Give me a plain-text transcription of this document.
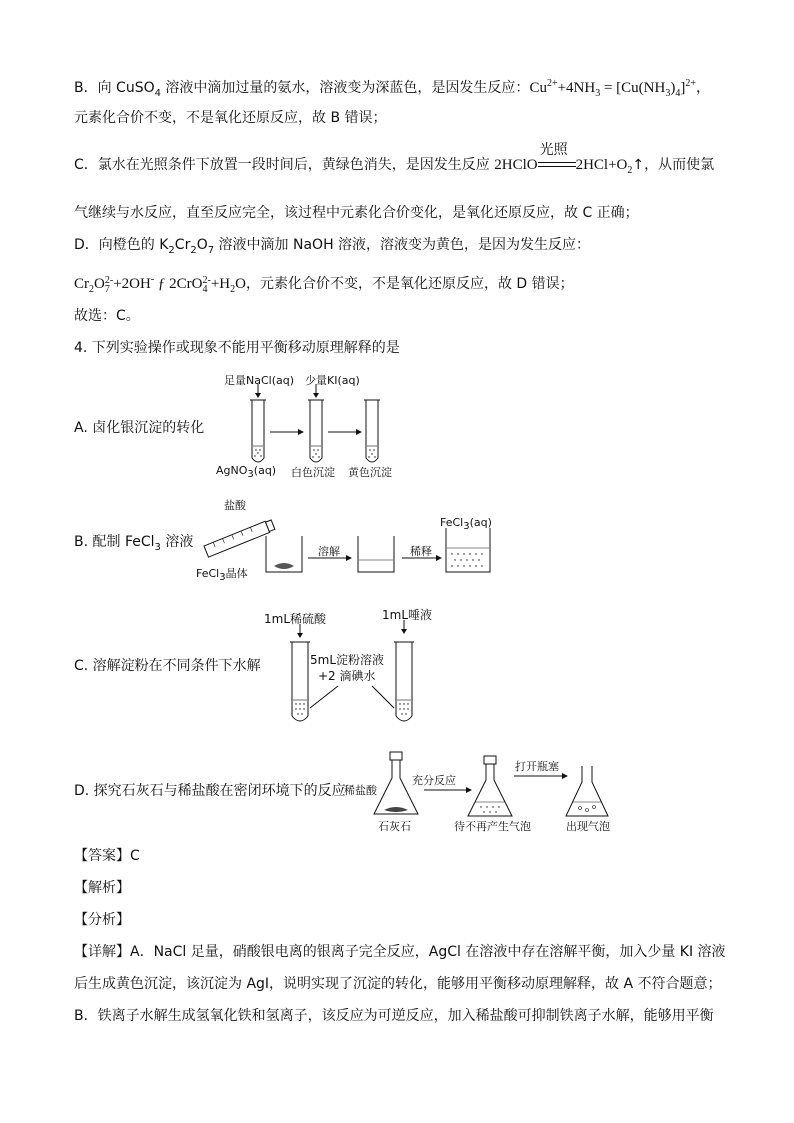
B．向 CuSO$_4$ 溶液中滴加过量的氨水，溶液变为深蓝色，是因发生反应：$Cu^{2+}+4NH_3 = [Cu(NH_3)_4]^{2+}$，
元素化合价不变，不是氧化还原反应，故 B 错误；
C．氯水在光照条件下放置一段时间后，黄绿色消失，是因发生反应 2HClO
光照
$2HCl+O_2↑$，从而使氯
气继续与水反应，直至反应完全，该过程中元素化合价变化，是氧化还原反应，故 C 正确；
D．向橙色的 $K_2Cr_2O_7$ 溶液中滴加 NaOH 溶液，溶液变为黄色，是因为发生反应：
$Cr_2O$ 2-
7 +2OH- ƒ 2CrO 2-
$4 +H_2O$，元素化合价不变，不是氧化还原反应，故 D 错误；
故选：C。
4. 下列实验操作或现象不能用平衡移动原理解释的是
A. 卤化银沉淀的转化
足量NaCl(aq) 少量KI(aq)
AgNO$_3$(aq) 白色沉淀 黄色沉淀
B. 配制 FeCl$_3$ 溶液
盐酸
FeCl$_3$晶体
溶解	稀释
FeCl$_3$(aq)
C. 溶解淀粉在不同条件下水解
1mL稀硫酸	1mL唾液
5mL淀粉溶液
+2 滴碘水
D. 探究石灰石与稀盐酸在密闭环境下的反应
稀盐酸
充分反应
打开瓶塞
石灰石	待不再产生气泡	出现气泡
【答案】C
【解析】
【分析】
【详解】A．NaCl 足量，硝酸银电离的银离子完全反应，AgCl 在溶液中存在溶解平衡，加入少量 KI 溶液
后生成黄色沉淀，该沉淀为 AgI，说明实现了沉淀的转化，能够用平衡移动原理解释，故 A 不符合题意；
B．铁离子水解生成氢氧化铁和氢离子，该反应为可逆反应，加入稀盐酸可抑制铁离子水解，能够用平衡
